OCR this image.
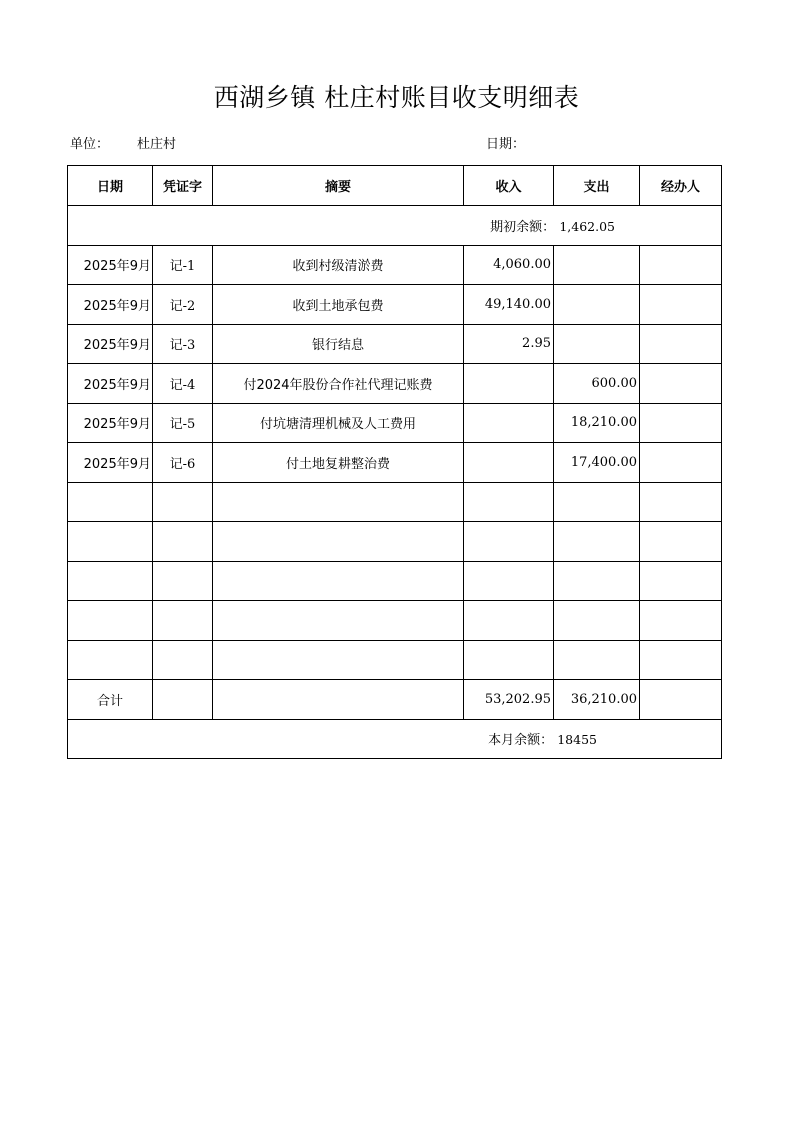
西湖乡镇 杜庄村账目收支明细表
单位： 杜庄村	日期：
日期	凭证字	摘要	收入	支出	经办人

期初余额： 1,462.05					

2025年9月	记-1	收到村级清淤费	4,060.00		
2025年9月	记-2	收到土地承包费	49,140.00		
2025年9月	记-3	银行结息	2.95		
2025年9月	记-4	付2024年股份合作社代理记账费		600.00	
2025年9月	记-5	付坑塘清理机械及人工费用		18,210.00	
2025年9月	记-6	付土地复耕整治费		17,400.00	

合计			53,202.95	36,210.00	

本月余额： 18455					
